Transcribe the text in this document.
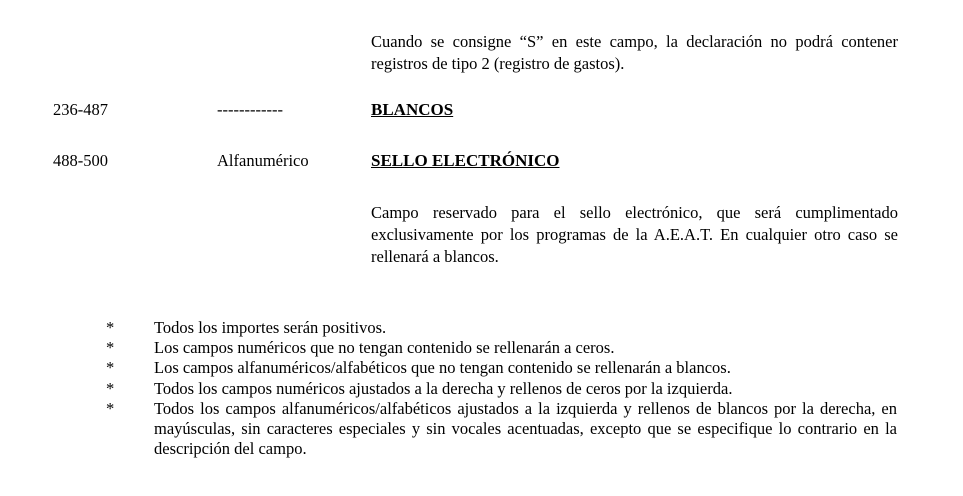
Cuando se consigne “S” en este campo, la declaración no podrá contener registros de tipo 2 (registro de gastos).

236-487	------------	BLANCOS
488-500	Alfanumérico	SELLO ELECTRÓNICO

Campo reservado para el sello electrónico, que será cumplimentado exclusivamente por los programas de la A.E.A.T. En cualquier otro caso se rellenará a blancos.

*	Todos los importes serán positivos.
*	Los campos numéricos que no tengan contenido se rellenarán a ceros.
*	Los campos alfanuméricos/alfabéticos que no tengan contenido se rellenarán a blancos.
*	Todos los campos numéricos ajustados a la derecha y rellenos de ceros por la izquierda.
*	Todos los campos alfanuméricos/alfabéticos ajustados a la izquierda y rellenos de blancos por la derecha, en mayúsculas, sin caracteres especiales y sin vocales acentuadas, excepto que se especifique lo contrario en la descripción del campo.
